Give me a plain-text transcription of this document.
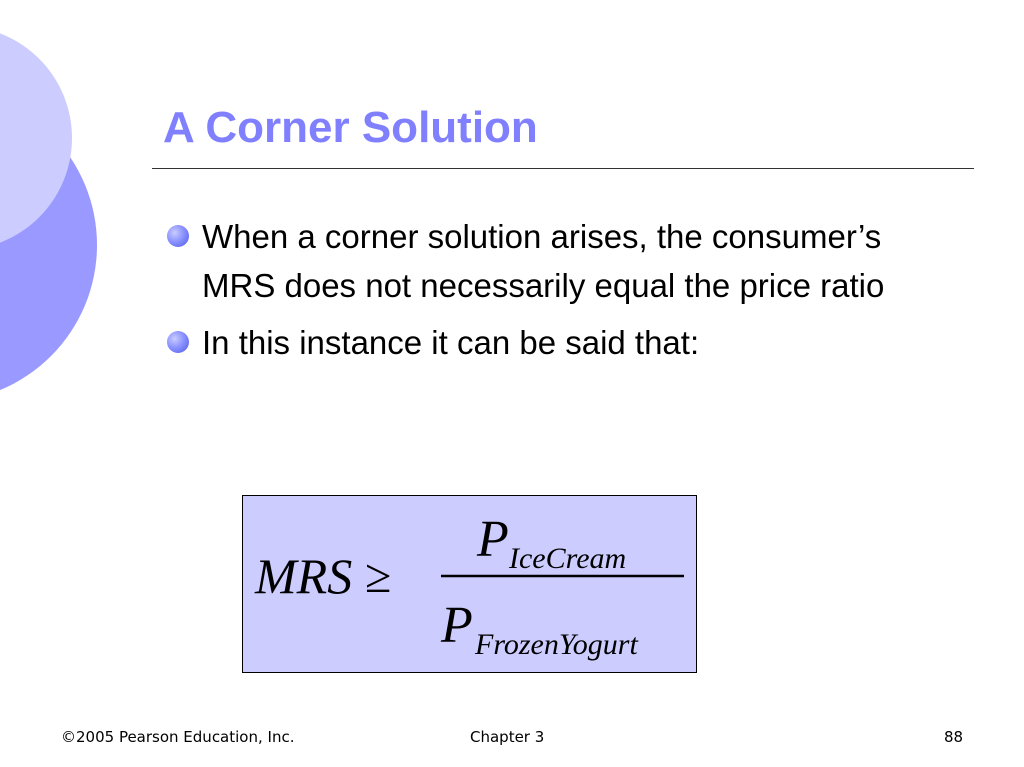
A Corner Solution
When a corner solution arises, the consumer’s MRS does not necessarily equal the price ratio
In this instance it can be said that:
MRS ≥
P IceCream
P FrozenYogurt
©2005 Pearson Education, Inc.	Chapter 3	88
